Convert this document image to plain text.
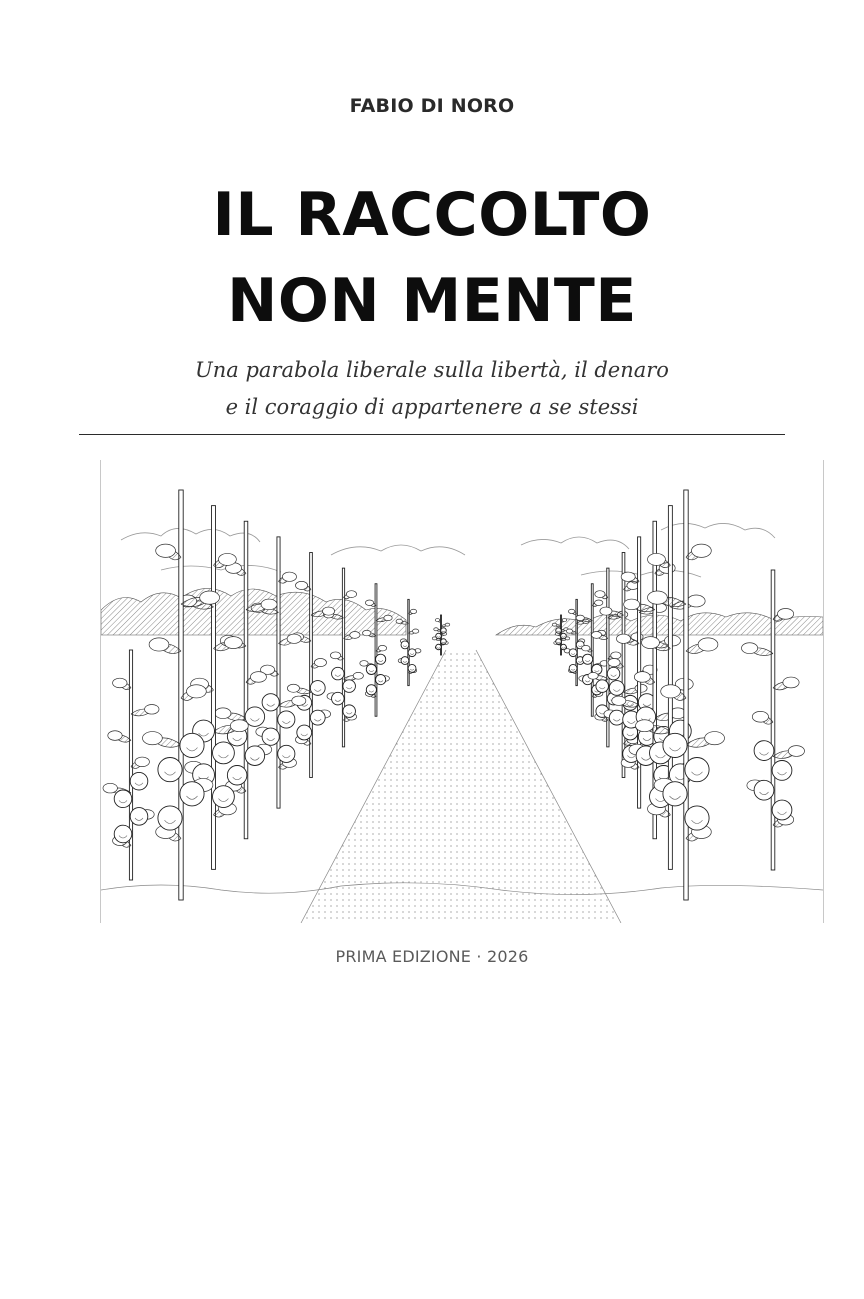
FABIO DI NORO
IL RACCOLTO
NON MENTE
Una parabola liberale sulla libertà, il denaro
e il coraggio di appartenere a se stessi
PRIMA EDIZIONE · 2026
